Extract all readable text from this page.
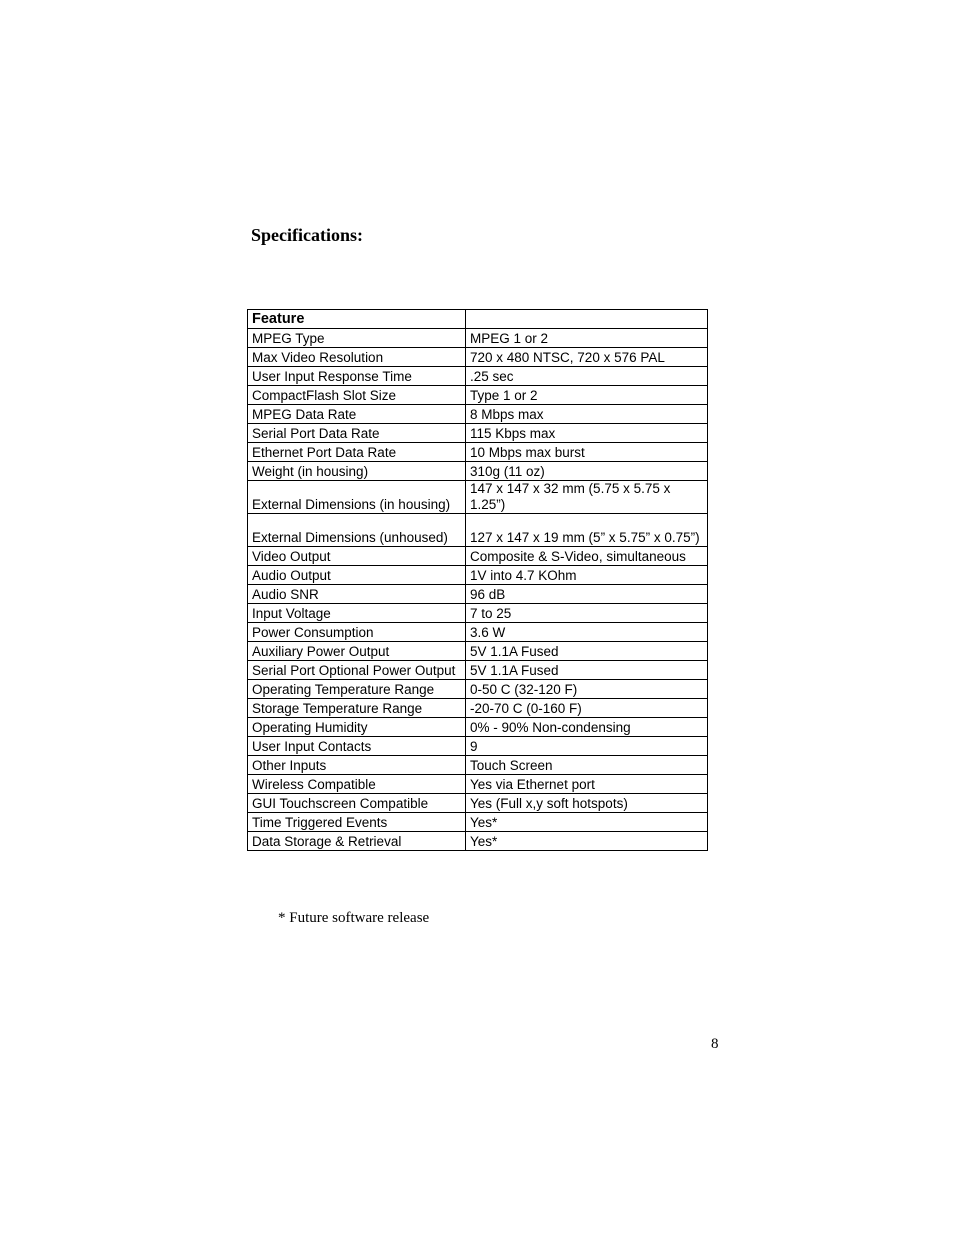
Specifications:
Feature	
MPEG Type	MPEG 1 or 2
Max Video Resolution	720 x 480 NTSC, 720 x 576 PAL
User Input Response Time	.25 sec
CompactFlash Slot Size	Type 1 or 2
MPEG Data Rate	8 Mbps max
Serial Port Data Rate	115 Kbps max
Ethernet Port Data Rate	10 Mbps max burst
Weight (in housing)	310g (11 oz)
External Dimensions (in housing)	147 x 147 x 32 mm (5.75 x 5.75 x 1.25”)
External Dimensions (unhoused)	127 x 147 x 19 mm (5” x 5.75” x 0.75”)
Video Output	Composite & S-Video, simultaneous
Audio Output	1V into 4.7 KOhm
Audio SNR	96 dB
Input Voltage	7 to 25
Power Consumption	3.6 W
Auxiliary Power Output	5V 1.1A Fused
Serial Port Optional Power Output	5V 1.1A Fused
Operating Temperature Range	0-50 C (32-120 F)
Storage Temperature Range	-20-70 C (0-160 F)
Operating Humidity	0% - 90% Non-condensing
User Input Contacts	9
Other Inputs	Touch Screen
Wireless Compatible	Yes via Ethernet port
GUI Touchscreen Compatible	Yes (Full x,y soft hotspots)
Time Triggered Events	Yes*
Data Storage & Retrieval	Yes*
* Future software release
8
